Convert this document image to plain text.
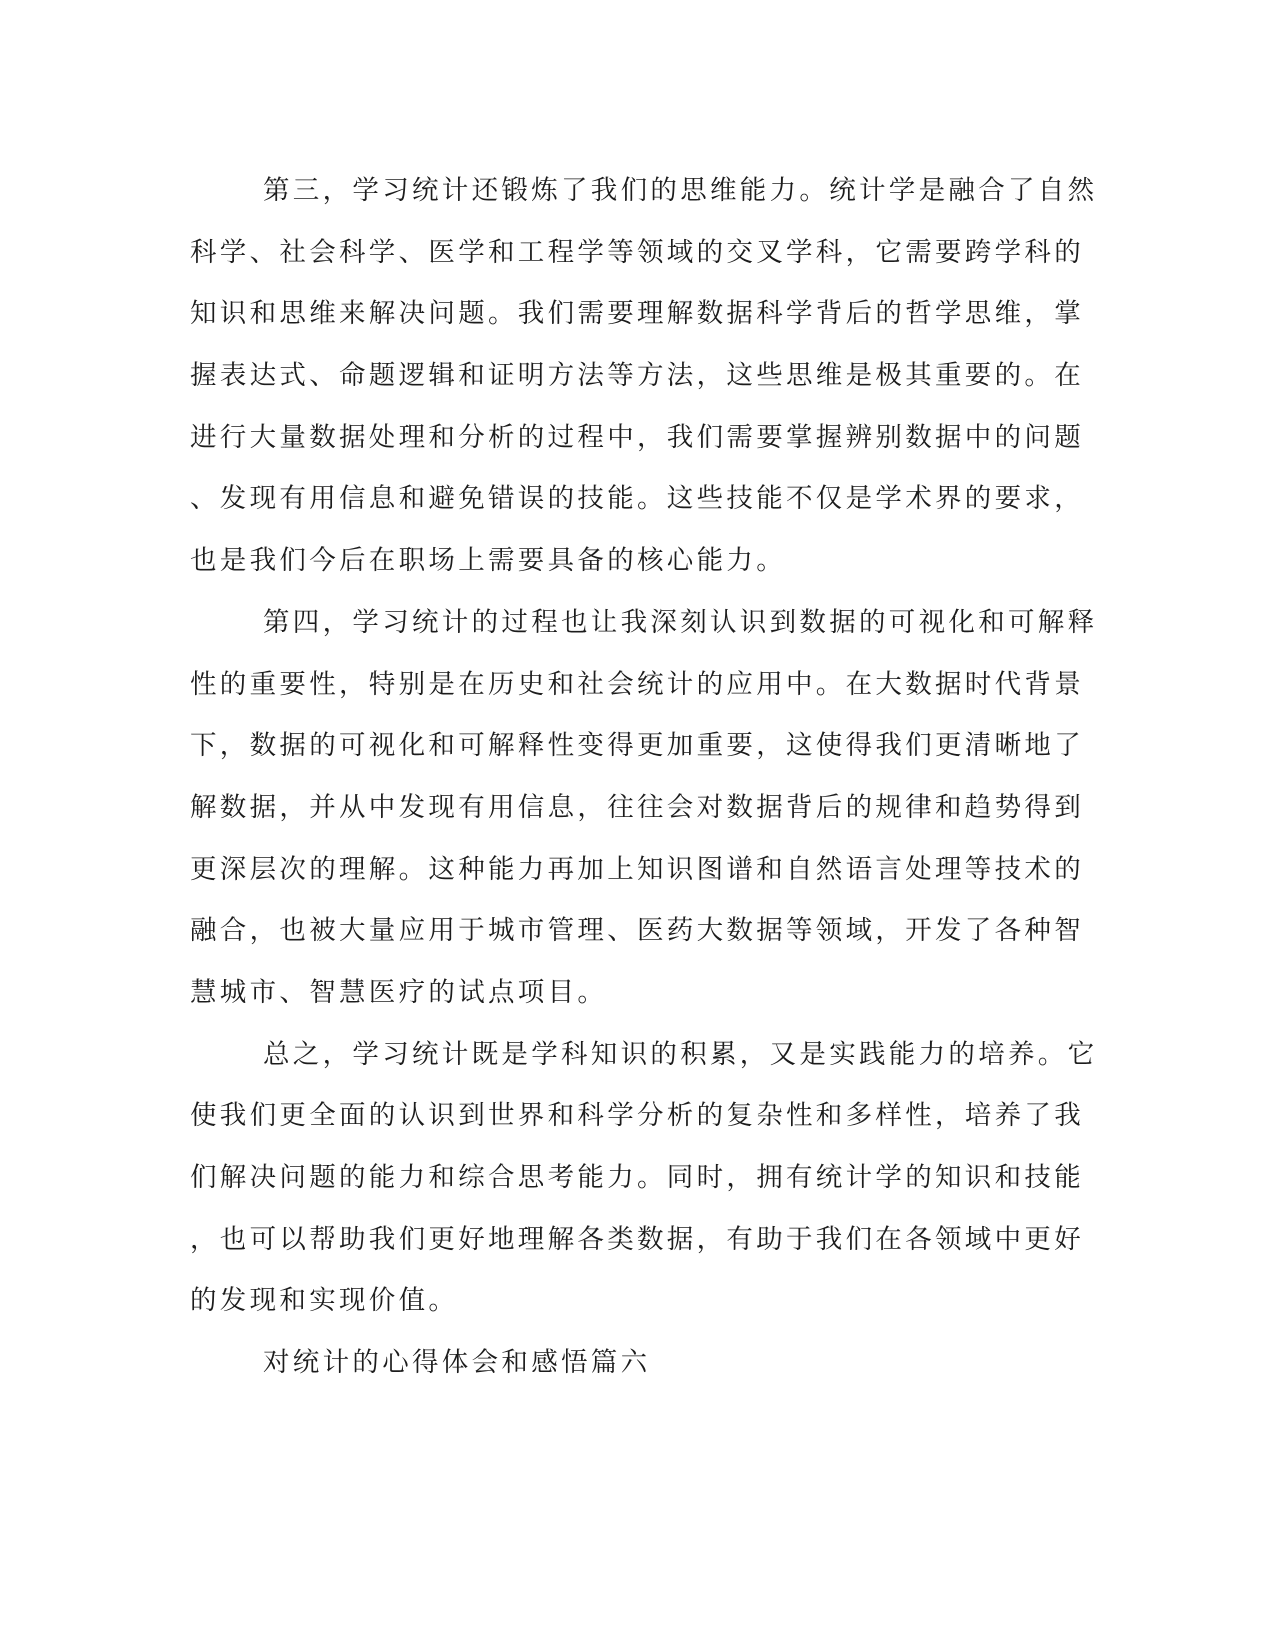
第三，学习统计还锻炼了我们的思维能力。统计学是融合了自然
科学、社会科学、医学和工程学等领域的交叉学科，它需要跨学科的
知识和思维来解决问题。我们需要理解数据科学背后的哲学思维，掌
握表达式、命题逻辑和证明方法等方法，这些思维是极其重要的。在
进行大量数据处理和分析的过程中，我们需要掌握辨别数据中的问题
、发现有用信息和避免错误的技能。这些技能不仅是学术界的要求，
也是我们今后在职场上需要具备的核心能力。
第四，学习统计的过程也让我深刻认识到数据的可视化和可解释
性的重要性，特别是在历史和社会统计的应用中。在大数据时代背景
下，数据的可视化和可解释性变得更加重要，这使得我们更清晰地了
解数据，并从中发现有用信息，往往会对数据背后的规律和趋势得到
更深层次的理解。这种能力再加上知识图谱和自然语言处理等技术的
融合，也被大量应用于城市管理、医药大数据等领域，开发了各种智
慧城市、智慧医疗的试点项目。
总之，学习统计既是学科知识的积累，又是实践能力的培养。它
使我们更全面的认识到世界和科学分析的复杂性和多样性，培养了我
们解决问题的能力和综合思考能力。同时，拥有统计学的知识和技能
，也可以帮助我们更好地理解各类数据，有助于我们在各领域中更好
的发现和实现价值。
对统计的心得体会和感悟篇六
